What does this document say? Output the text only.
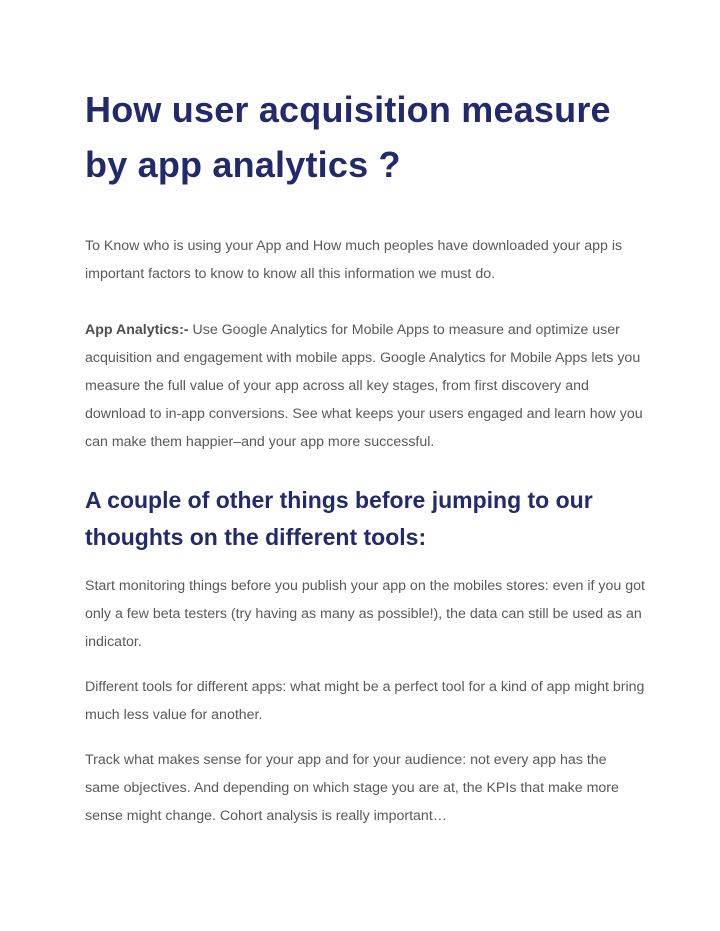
How user acquisition measure by app analytics ?

To Know who is using your App and How much peoples have downloaded your app is important factors to know to know all this information we must do.

App Analytics:- Use Google Analytics for Mobile Apps to measure and optimize user acquisition and engagement with mobile apps. Google Analytics for Mobile Apps lets you measure the full value of your app across all key stages, from first discovery and download to in-app conversions. See what keeps your users engaged and learn how you can make them happier–and your app more successful.

A couple of other things before jumping to our thoughts on the different tools:

Start monitoring things before you publish your app on the mobiles stores: even if you got only a few beta testers (try having as many as possible!), the data can still be used as an indicator.

Different tools for different apps: what might be a perfect tool for a kind of app might bring much less value for another.

Track what makes sense for your app and for your audience: not every app has the same objectives. And depending on which stage you are at, the KPIs that make more sense might change. Cohort analysis is really important…
